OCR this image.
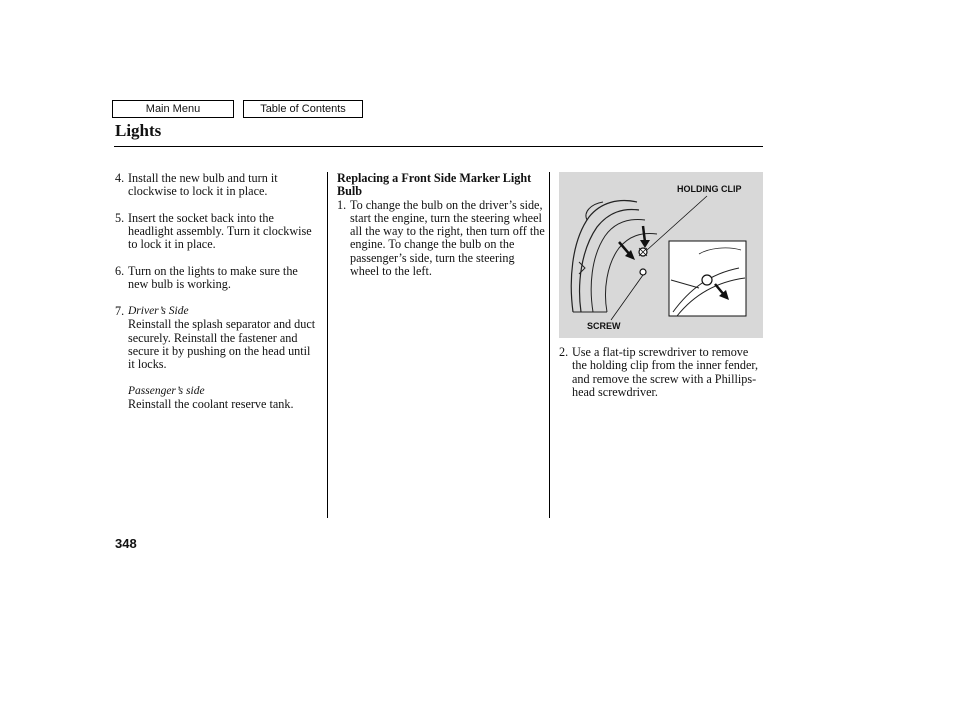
Main Menu	Table of Contents
Lights
4. Install the new bulb and turn it clockwise to lock it in place.
5. Insert the socket back into the headlight assembly. Turn it clockwise to lock it in place.
6. Turn on the lights to make sure the new bulb is working.
7. Driver’s Side
Reinstall the splash separator and duct securely. Reinstall the fastener and secure it by pushing on the head until it locks.
Passenger’s side
Reinstall the coolant reserve tank.
Replacing a Front Side Marker Light Bulb
1. To change the bulb on the driver’s side, start the engine, turn the steering wheel all the way to the right, then turn off the engine. To change the bulb on the passenger’s side, turn the steering wheel to the left.
HOLDING CLIP
SCREW
2. Use a flat-tip screwdriver to remove the holding clip from the inner fender, and remove the screw with a Phillips-head screwdriver.
348
